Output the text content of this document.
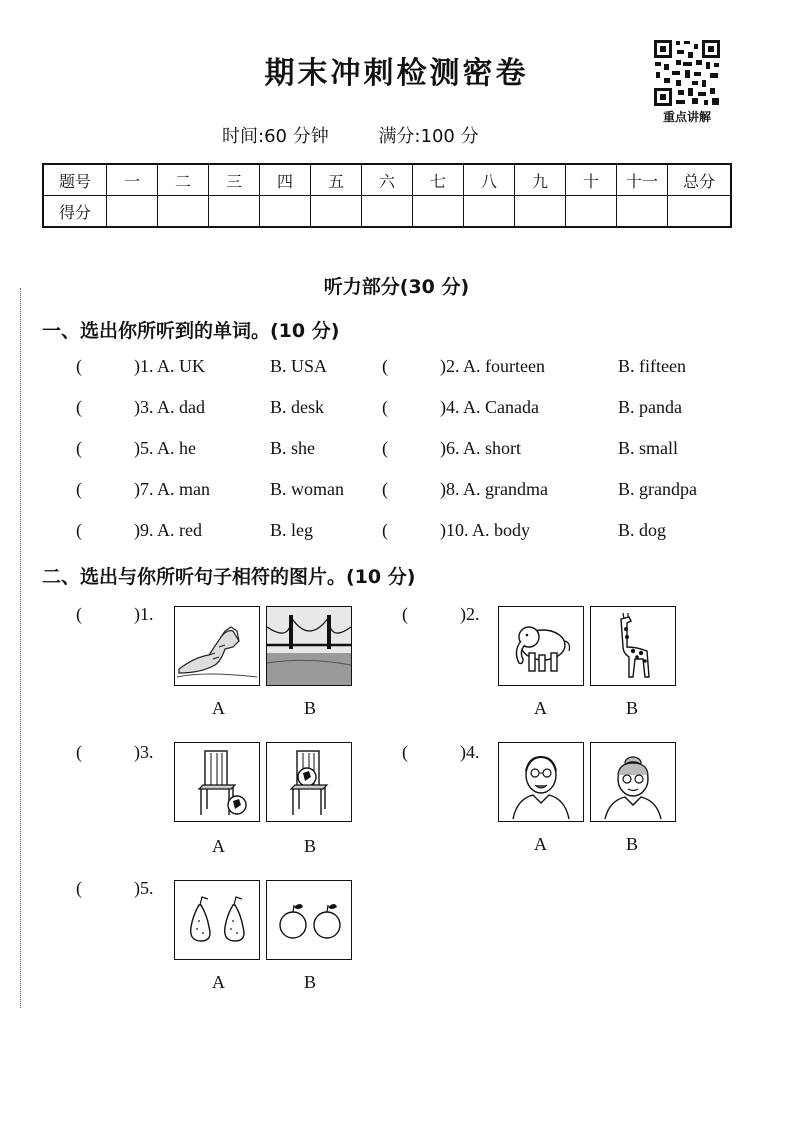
期末冲刺检测密卷
重点讲解
时间:60 分钟	满分:100 分
题号	一	二	三	四	五	六	七	八	九	十	十一	总分
得分												
听力部分(30 分)
一、选出你所听到的单词。(10 分)
(	)1. A. UK	B. USA	(	)2. A. fourteen	B. fifteen
(	)3. A. dad	B. desk	(	)4. A. Canada	B. panda
(	)5. A. he	B. she	(	)6. A. short	B. small
(	)7. A. man	B. woman (	)8. A. grandma	B. grandpa
(	)9. A. red	B. leg	(	)10. A. body	B. dog
二、选出与你所听句子相符的图片。(10 分)
(	)1.
A	B
(	)2.
A	B
(	)3.
A	B
(	)4.
A	B
(	)5.
A	B
